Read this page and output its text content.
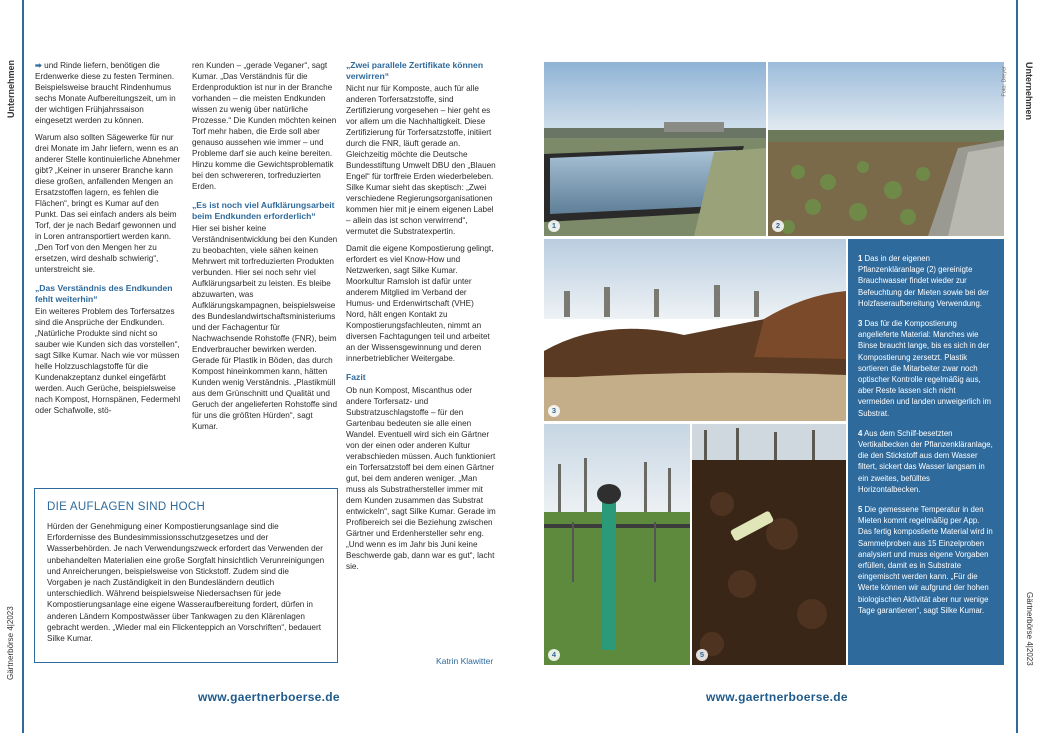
Unternehmen
Gärtnerbörse 4|2023
Unternehmen
Gärtnerbörse 4|2023

➡ und Rinde liefern, benötigen die Erdenwerke diese zu festen Terminen. Beispielsweise braucht Rindenhumus sechs Monate Aufbereitungszeit, um in der wichtigen Frühjahrssaison eingesetzt werden zu können.

Warum also sollten Sägewerke für nur drei Monate im Jahr liefern, wenn es an anderer Stelle kontinuierliche Abnehmer gibt? „Keiner in unserer Branche kann diese großen, anfallenden Mengen an Ersatzstoffen lagern, es fehlen die Flächen“, bringt es Kumar auf den Punkt. Das sei einfach anders als beim Torf, der je nach Bedarf gewonnen und in Loren antransportiert werden kann. „Den Torf von den Mengen her zu ersetzen, wird deshalb schwierig“, unterstreicht sie.

„Das Verständnis des Endkunden fehlt weiterhin“

Ein weiteres Problem des Torfersatzes sind die Ansprüche der Endkunden. „Natürliche Produkte sind nicht so sauber wie Kunden sich das vorstellen“, sagt Silke Kumar. Nach wie vor müssen helle Holzzuschlagstoffe für die Kundenakzeptanz dunkel eingefärbt werden. Auch Gerüche, beispielsweise nach Kompost, Hornspänen, Federmehl oder Schafwolle, stö-

ren Kunden – „gerade Veganer“, sagt Kumar. „Das Verständnis für die Erdenproduktion ist nur in der Branche vorhanden – die meisten Endkunden wissen zu wenig über natürliche Prozesse.“ Die Kunden möchten keinen Torf mehr haben, die Erde soll aber genauso aussehen wie immer – und Probleme darf sie auch keine bereiten. Hinzu komme die Gewichtsproblematik bei den schwereren, torfreduzierten Erden.

„Es ist noch viel Aufklärungsarbeit beim Endkunden erforderlich“

Hier sei bisher keine Verständnisentwicklung bei den Kunden zu beobachten, viele sähen keinen Mehrwert mit torfreduzierten Produkten verbunden. Hier sei noch sehr viel Aufklärungsarbeit zu leisten. Es bleibe abzuwarten, was Aufklärungskampagnen, beispielsweise des Bundeslandwirtschaftsministeriums und der Fachagentur für Nachwachsende Rohstoffe (FNR), beim Endverbraucher bewirken werden. Gerade für Plastik in Böden, das durch Kompost hineinkommen kann, hätten Kunden wenig Verständnis. „Plastikmüll aus dem Grünschnitt und Qualität und Geruch der angelieferten Rohstoffe sind für uns die größten Hürden“, sagt Kumar.

„Zwei parallele Zertifikate können verwirren“

Nicht nur für Komposte, auch für alle anderen Torfersatzstoffe, sind Zertifizierung vorgesehen – hier geht es vor allem um die Nachhaltigkeit. Diese Zertifizierung für Torfersatzstoffe, initiiert durch die FNR, läuft gerade an. Gleichzeitig möchte die Deutsche Bundesstiftung Umwelt DBU den „Blauen Engel“ für torffreie Erden wiederbeleben. Silke Kumar sieht das skeptisch: „Zwei verschiedene Regierungsorganisationen kommen hier mit je einem eigenen Label – allein das ist schon verwirrend“, vermutet die Substratexpertin.

Damit die eigene Kompostierung gelingt, erfordert es viel Know-How und Netzwerken, sagt Silke Kumar. Moorkultur Ramsloh ist dafür unter anderem Mitglied im Verband der Humus- und Erdenwirtschaft (VHE) Nord, hält engen Kontakt zu Kompostierungsfachleuten, nimmt an diversen Fachtagungen teil und arbeitet an der Wissensgewinnung und deren innerbetrieblicher Weitergabe.

Fazit

Ob nun Kompost, Miscanthus oder andere Torfersatz- und Substratzuschlagstoffe – für den Gartenbau bedeuten sie alle einen Wandel. Eventuell wird sich ein Gärtner von der einen oder anderen Kultur verabschieden müssen. Auch funktioniert ein Torfersatzstoff bei dem einen Gärtner gut, bei dem anderen weniger. „Man muss als Substrathersteller immer mit dem Kunden zusammen das Substrat entwickeln“, sagt Silke Kumar. Gerade im Profibereich sei die Beziehung zwischen Gärtner und Erdenhersteller sehr eng. „Und wenn es im Jahr bis Juni keine Beschwerde gab, dann war es gut“, lacht sie.

Katrin Klawitter
DIE AUFLAGEN SIND HOCH

Hürden der Genehmigung einer Kompostierungsanlage sind die Erfordernisse des Bundesimmissionsschutzgesetzes und der Wasserbehörden. Je nach Verwendungszweck erfordert das Verwenden der unbehandelten Materialien eine große Sorgfalt hinsichtlich Verunreinigungen und Anreicherungen, beispielsweise von Stickstoff. Zudem sind die Vorgaben je nach Zuständigkeit in den Bundesländern deutlich unterschiedlich. Während beispielsweise Niedersachsen für jede Kompostierungsanlage eine eigene Wasseraufbereitung fordert, dürfen in anderen Ländern Kompostwässer über Tankwagen zu den Klärenlagen gebracht werden. „Wieder mal ein Flickenteppich an Vorschriften“, bedauert Silke Kumar.

www.gaertnerboerse.de	www.gaertnerboerse.de
1	2
Foto: Dreyer
3
4	5

1 Das in der eigenen Pflanzenkläranlage (2) gereinigte Brauchwasser findet wieder zur Befeuchtung der Mieten sowie bei der Holzfaseraufbereitung Verwendung.

3 Das für die Kompostierung angelieferte Material: Manches wie Binse braucht lange, bis es sich in der Kompostierung zersetzt. Plastik sortieren die Mitarbeiter zwar noch optischer Kontrolle regelmäßig aus, aber Reste lassen sich nicht vermeiden und landen unweigerlich im Substrat.

4 Aus dem Schilf-besetzten Vertikalbecken der Pflanzenkläranlage, die den Stickstoff aus dem Wasser filtert, sickert das Wasser langsam in ein zweites, befülltes Horizontalbecken.

5 Die gemessene Temperatur in den Mieten kommt regelmäßig per App. Das fertig kompostierte Material wird in Sammelproben aus 15 Einzelproben analysiert und muss eigene Vorgaben erfüllen, damit es in Substrate eingemischt werden kann. „Für die Werte können wir aufgrund der hohen biologischen Aktivität aber nur wenige Tage garantieren“, sagt Silke Kumar.
